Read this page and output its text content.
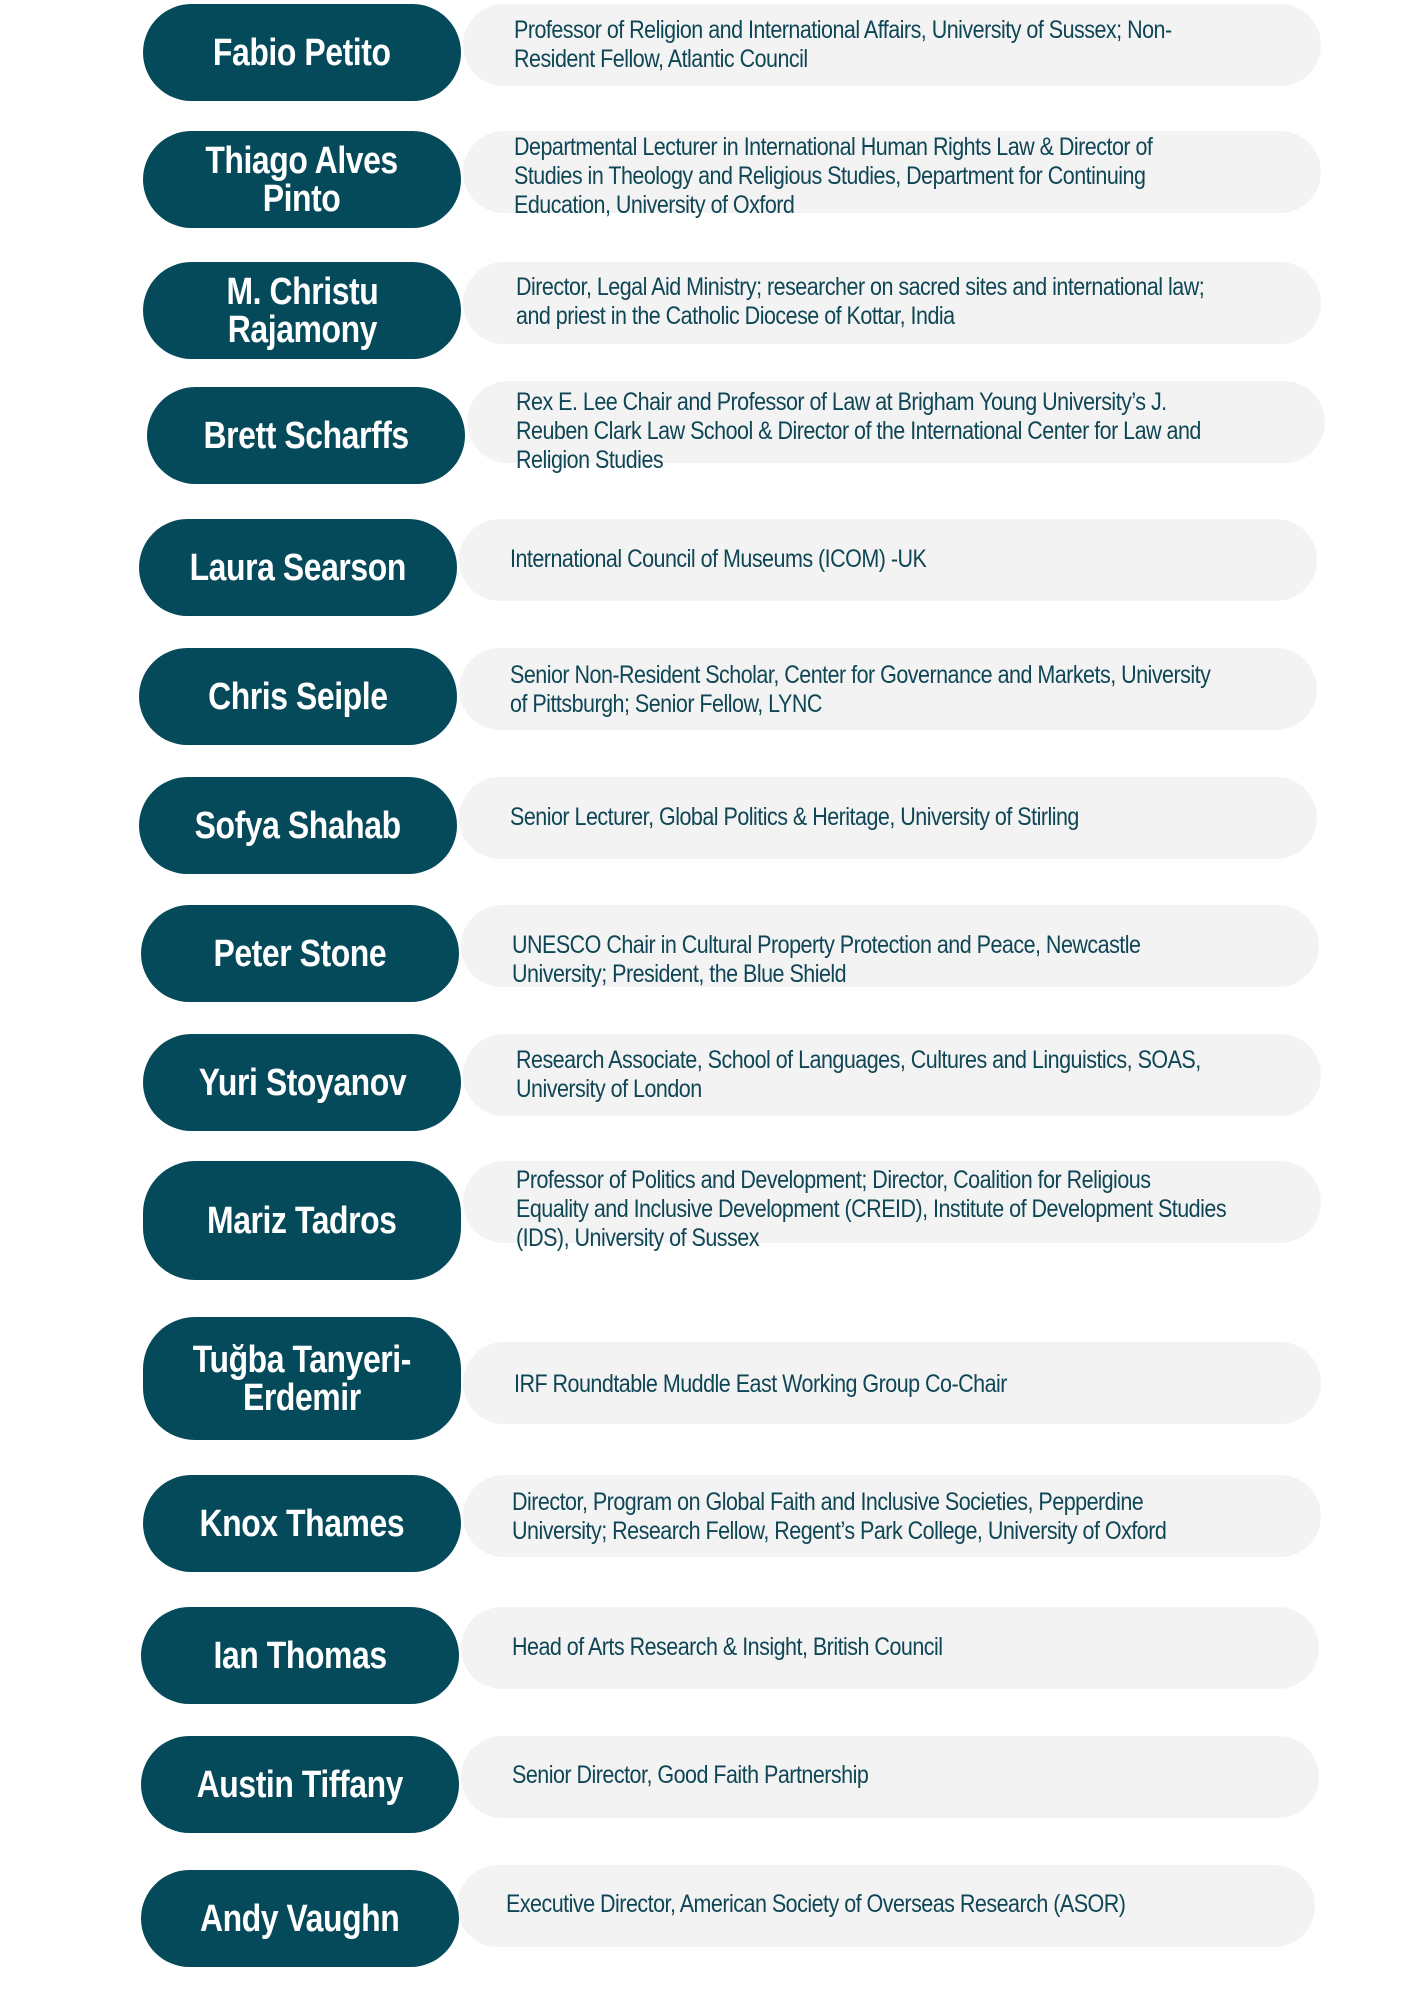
Professor of Religion and International Affairs, University of Sussex; Non-
Resident Fellow, Atlantic Council
Fabio Petito
Departmental Lecturer in International Human Rights Law & Director of
Studies in Theology and Religious Studies, Department for Continuing
Education, University of Oxford
Thiago Alves
Pinto
Director, Legal Aid Ministry; researcher on sacred sites and international law;
and priest in the Catholic Diocese of Kottar, India
M. Christu
Rajamony
Rex E. Lee Chair and Professor of Law at Brigham Young University’s J.
Reuben Clark Law School & Director of the International Center for Law and
Religion Studies
Brett Scharffs
International Council of Museums (ICOM) -UK
Laura Searson
Senior Non-Resident Scholar, Center for Governance and Markets, University
of Pittsburgh; Senior Fellow, LYNC
Chris Seiple
Senior Lecturer, Global Politics & Heritage, University of Stirling
Sofya Shahab
UNESCO Chair in Cultural Property Protection and Peace, Newcastle
University; President, the Blue Shield
Peter Stone
Research Associate, School of Languages, Cultures and Linguistics, SOAS,
University of London
Yuri Stoyanov
Professor of Politics and Development; Director, Coalition for Religious
Equality and Inclusive Development (CREID), Institute of Development Studies
(IDS), University of Sussex
Mariz Tadros
IRF Roundtable Muddle East Working Group Co-Chair
Tuğba Tanyeri-
Erdemir
Director, Program on Global Faith and Inclusive Societies, Pepperdine
University; Research Fellow, Regent’s Park College, University of Oxford
Knox Thames
Head of Arts Research & Insight, British Council
Ian Thomas
Senior Director, Good Faith Partnership
Austin Tiffany
Executive Director, American Society of Overseas Research (ASOR)
Andy Vaughn
